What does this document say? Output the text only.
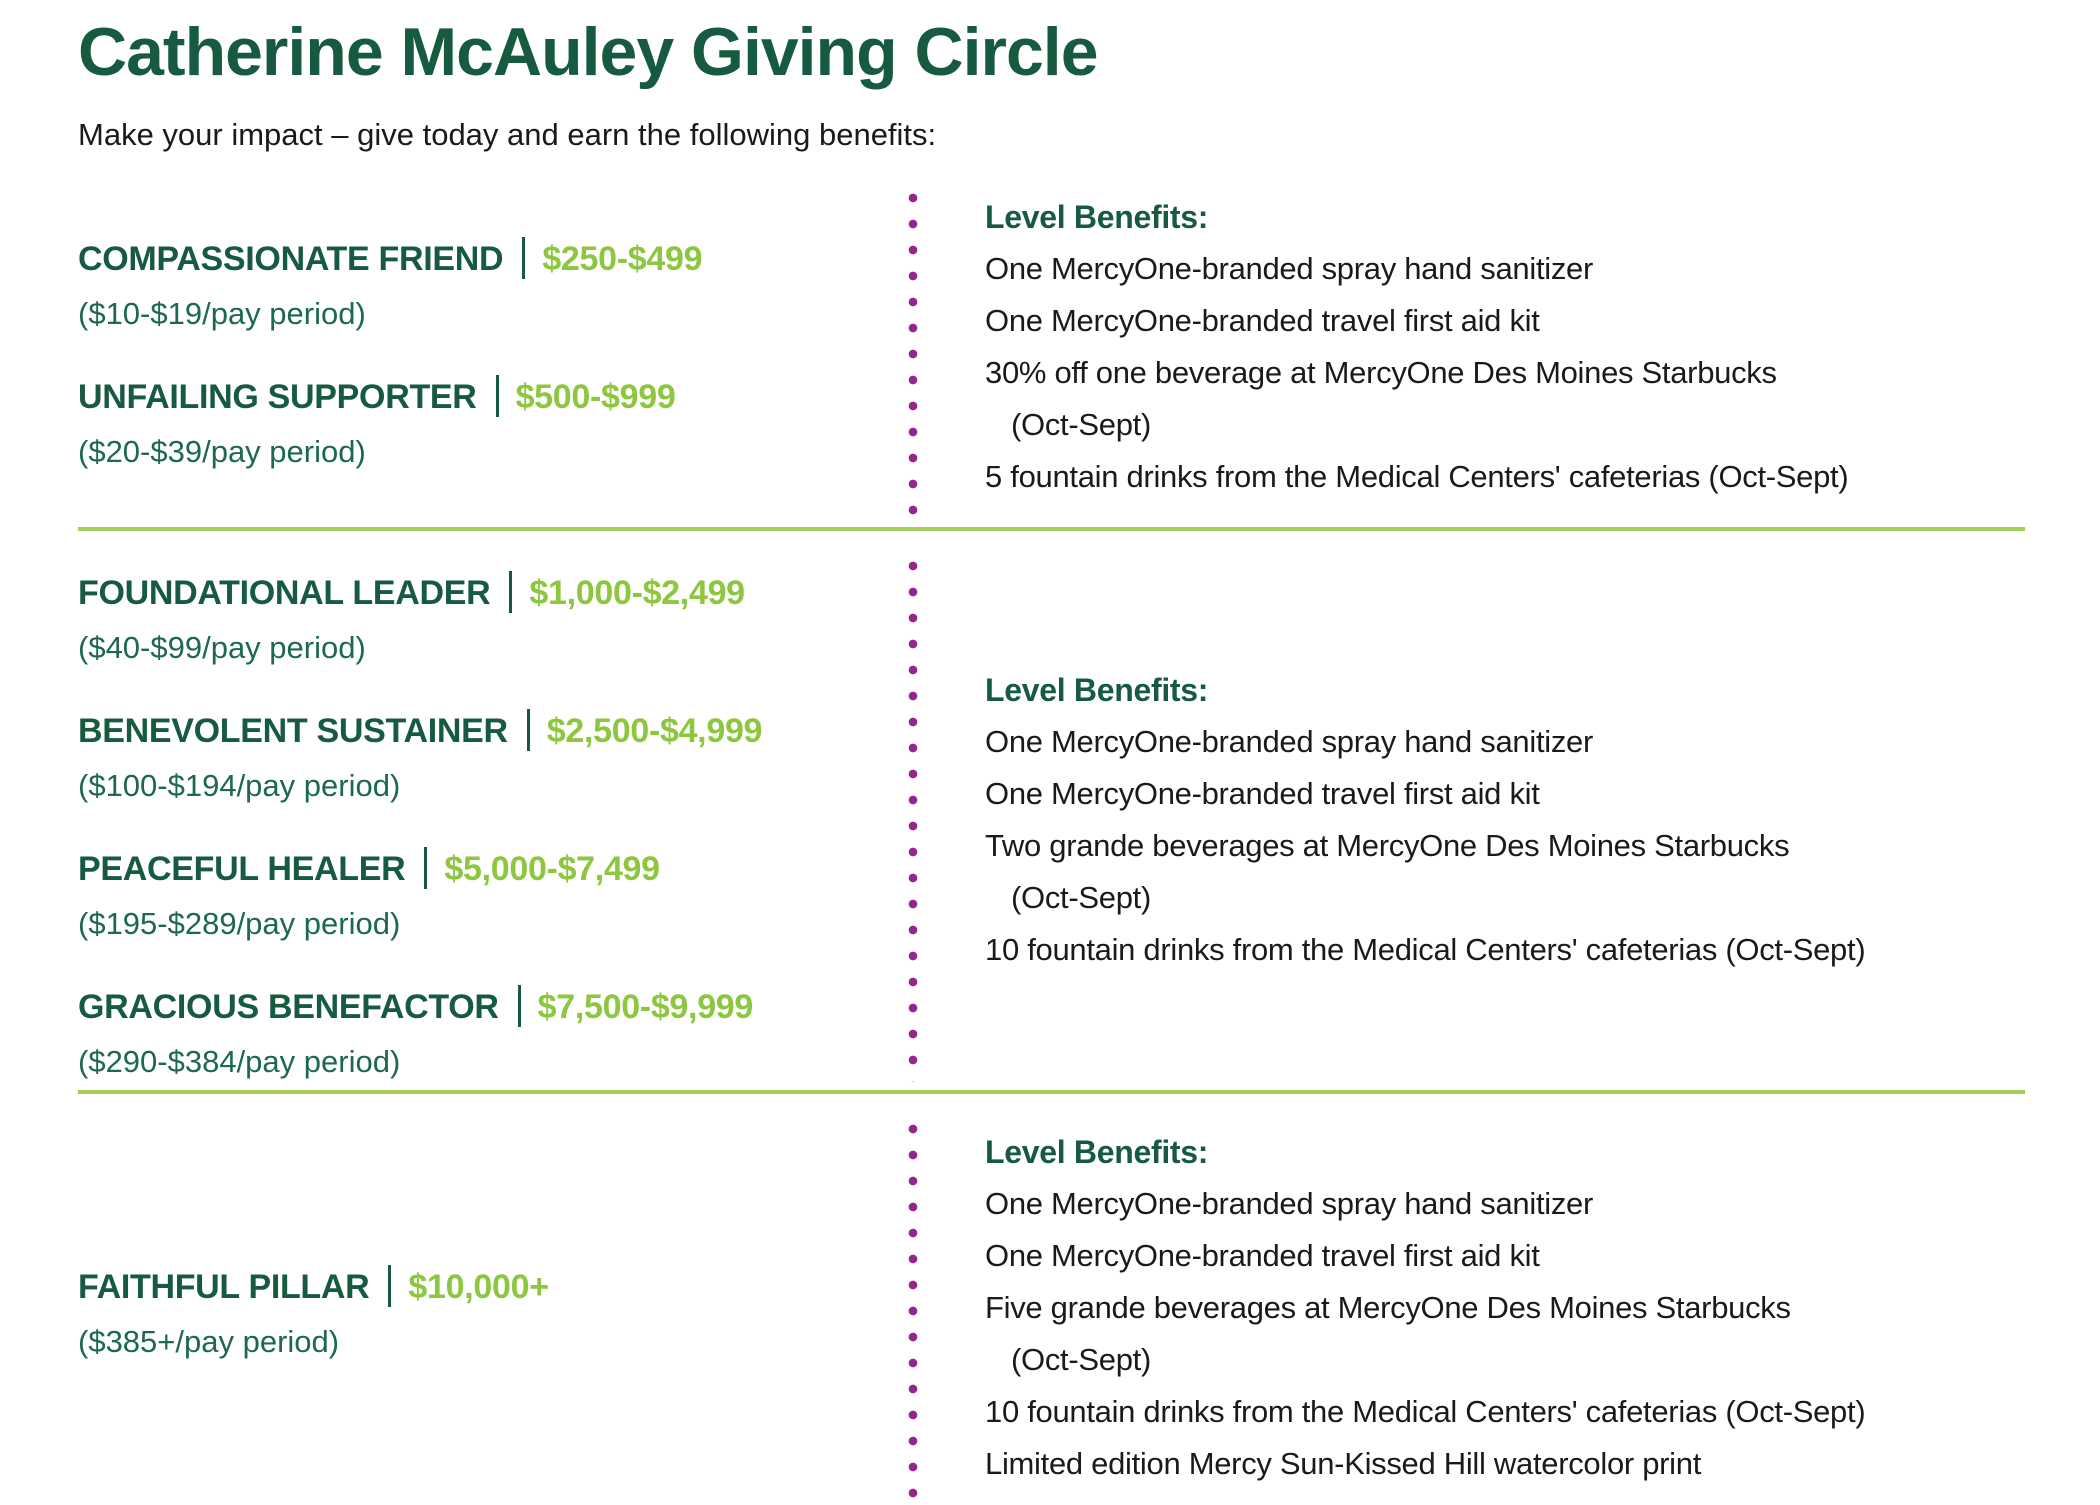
Catherine McAuley Giving Circle

Make your impact – give today and earn the following benefits:

COMPASSIONATE FRIEND $250-$499
($10-$19/pay period)
UNFAILING SUPPORTER $500-$999
($20-$39/pay period)
Level Benefits:
One MercyOne-branded spray hand sanitizer
One MercyOne-branded travel first aid kit
30% off one beverage at MercyOne Des Moines Starbucks
(Oct-Sept)
5 fountain drinks from the Medical Centers' cafeterias (Oct-Sept)
FOUNDATIONAL LEADER $1,000-$2,499
($40-$99/pay period)
BENEVOLENT SUSTAINER $2,500-$4,999
($100-$194/pay period)
PEACEFUL HEALER $5,000-$7,499
($195-$289/pay period)
GRACIOUS BENEFACTOR $7,500-$9,999
($290-$384/pay period)
Level Benefits:
One MercyOne-branded spray hand sanitizer
One MercyOne-branded travel first aid kit
Two grande beverages at MercyOne Des Moines Starbucks
(Oct-Sept)
10 fountain drinks from the Medical Centers' cafeterias (Oct-Sept)
FAITHFUL PILLAR $10,000+
($385+/pay period)
Level Benefits:
One MercyOne-branded spray hand sanitizer
One MercyOne-branded travel first aid kit
Five grande beverages at MercyOne Des Moines Starbucks
(Oct-Sept)
10 fountain drinks from the Medical Centers' cafeterias (Oct-Sept)
Limited edition Mercy Sun-Kissed Hill watercolor print
